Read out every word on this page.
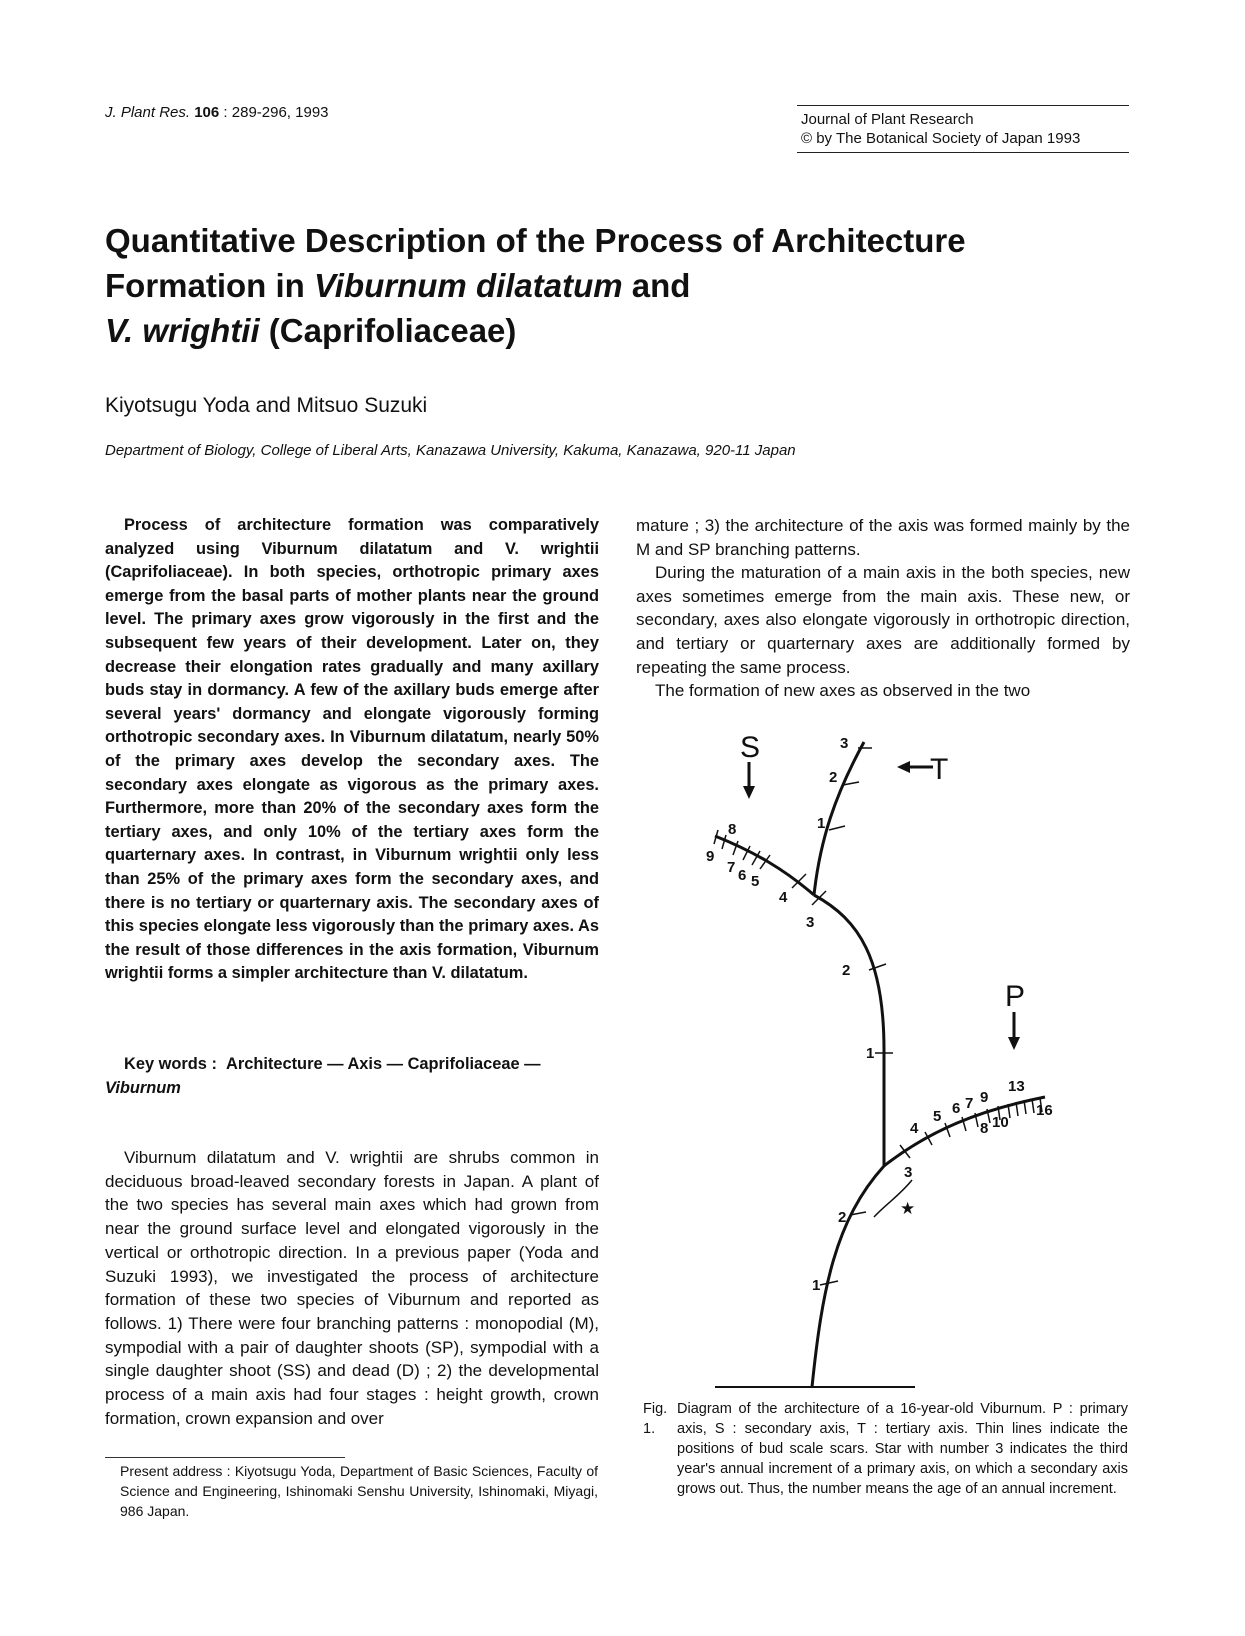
J. Plant Res. 106 : 289-296, 1993	Journal of Plant Research
© by The Botanical Society of Japan 1993
Quantitative Description of the Process of Architecture
Formation in Viburnum dilatatum and
V. wrightii (Caprifoliaceae)
Kiyotsugu Yoda and Mitsuo Suzuki
Department of Biology, College of Liberal Arts, Kanazawa University, Kakuma, Kanazawa, 920-11 Japan

Process of architecture formation was comparatively analyzed using Viburnum dilatatum and V. wrightii (Caprifoliaceae). In both species, orthotropic primary axes emerge from the basal parts of mother plants near the ground level. The primary axes grow vigorously in the first and the subsequent few years of their development. Later on, they decrease their elongation rates gradually and many axillary buds stay in dormancy. A few of the axillary buds emerge after several years' dormancy and elongate vigorously forming orthotropic secondary axes. In Viburnum dilatatum, nearly 50% of the primary axes develop the secondary axes. The secondary axes elongate as vigorous as the primary axes. Furthermore, more than 20% of the secondary axes form the tertiary axes, and only 10% of the tertiary axes form the quarternary axes. In contrast, in Viburnum wrightii only less than 25% of the primary axes form the secondary axes, and there is no tertiary or quarternary axis. The secondary axes of this species elongate less vigorously than the primary axes. As the result of those differences in the axis formation, Viburnum wrightii forms a simpler architecture than V. dilatatum.

Key words : Architecture — Axis — Caprifoliaceae —
Viburnum

Viburnum dilatatum and V. wrightii are shrubs common in deciduous broad-leaved secondary forests in Japan. A plant of the two species has several main axes which had grown from near the ground surface level and elongated vigorously in the vertical or orthotropic direction. In a previous paper (Yoda and Suzuki 1993), we investigated the process of architecture formation of these two species of Viburnum and reported as follows. 1) There were four branching patterns : monopodial (M), sympodial with a pair of daughter shoots (SP), sympodial with a single daughter shoot (SS) and dead (D) ; 2) the developmental process of a main axis had four stages : height growth, crown formation, crown expansion and over

Present address : Kiyotsugu Yoda, Department of Basic Sciences, Faculty of Science and Engineering, Ishinomaki Senshu University, Ishinomaki, Miyagi, 986 Japan.

mature ; 3) the architecture of the axis was formed mainly by the M and SP branching patterns.

During the maturation of a main axis in the both species, new axes sometimes emerge from the main axis. These new, or secondary, axes also elongate vigorously in orthotropic direction, and tertiary or quarternary axes are additionally formed by repeating the same process.

The formation of new axes as observed in the two

1
2
3
4
5 6 7
8
9
10
13
16
1
2
3
4
5
6
7
8
9
1
2
3
S
T
P
★
Fig. 1.
Diagram of the architecture of a 16-year-old Viburnum. P : primary axis, S : secondary axis, T : tertiary axis. Thin lines indicate the positions of bud scale scars. Star with number 3 indicates the third year's annual increment of a primary axis, on which a secondary axis grows out. Thus, the number means the age of an annual increment.
